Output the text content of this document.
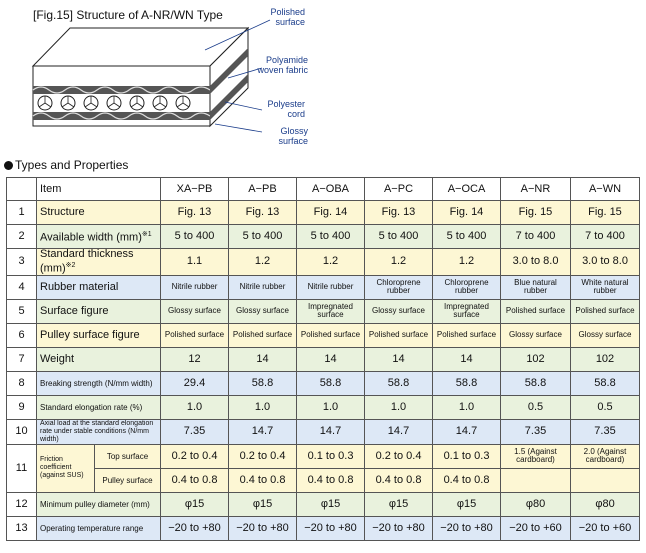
[Fig.15] Structure of A-NR/WN Type	Polished
surface
Polyamide
woven fabric
Polyester
cord
Glossy
surface
Types and Properties
	Item		XA−PB	A−PB	A−OBA	A−PC	A−OCA	A−NR	A−WN
1	Structure		Fig. 13	Fig. 13	Fig. 14	Fig. 13	Fig. 14	Fig. 15	Fig. 15
2	Available width (mm)$^{※1}$		5 to 400	5 to 400	5 to 400	5 to 400	5 to 400	7 to 400	7 to 400
3	Standard thickness (mm)$^{※2}$		1.1	1.2	1.2	1.2	1.2	3.0 to 8.0	3.0 to 8.0
4	Rubber material		Nitrile rubber	Nitrile rubber	Nitrile rubber	Chloroprene rubber	Chloroprene rubber	Blue natural rubber	White natural rubber
5	Surface figure		Glossy surface	Glossy surface	Impregnated surface	Glossy surface	Impregnated surface	Polished surface	Polished surface
6	Pulley surface figure		Polished surface	Polished surface	Polished surface	Polished surface	Polished surface	Glossy surface	Glossy surface
7	Weight		12	14	14	14	14	102	102
8	Breaking strength (N/mm width)		29.4	58.8	58.8	58.8	58.8	58.8	58.8
9	Standard elongation rate (%)		1.0	1.0	1.0	1.0	1.0	0.5	0.5
10	Axial load at the standard elongation rate under stable conditions (N/mm width)		7.35	14.7	14.7	14.7	14.7	7.35	7.35
11	Friction coefficient (against SUS)	Top surface	0.2 to 0.4	0.2 to 0.4	0.1 to 0.3	0.2 to 0.4	0.1 to 0.3	1.5 (Against cardboard)	2.0 (Against cardboard)
		Pulley surface	0.4 to 0.8	0.4 to 0.8	0.4 to 0.8	0.4 to 0.8	0.4 to 0.8		
12	Minimum pulley diameter (mm)		φ15	φ15	φ15	φ15	φ15	φ80	φ80
13	Operating temperature range		−20 to +80	−20 to +80	−20 to +80	−20 to +80	−20 to +80	−20 to +60	−20 to +60
